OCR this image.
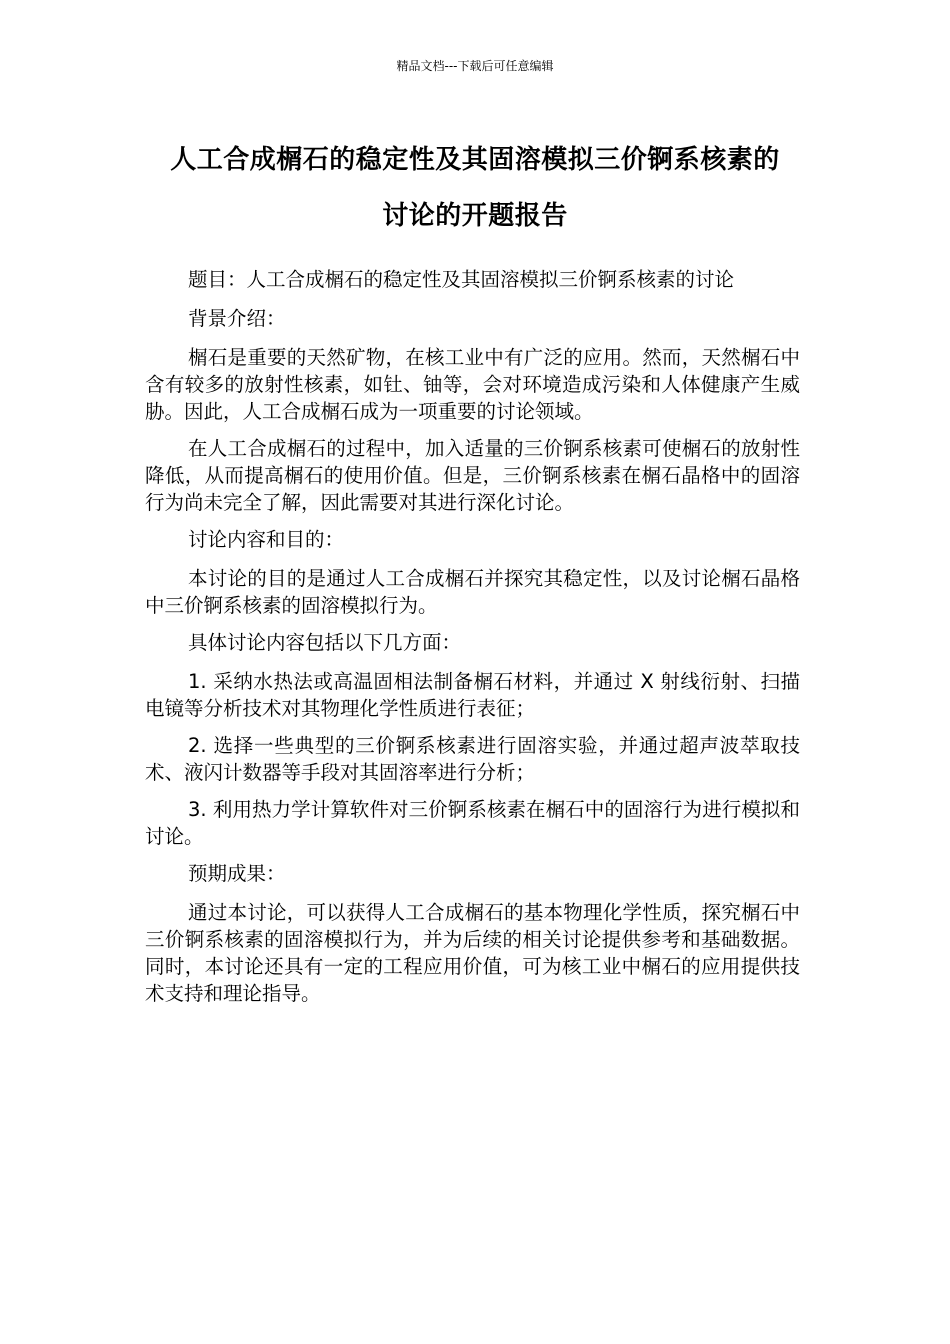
精品文档---下载后可任意编辑
人工合成榍石的稳定性及其固溶模拟三价锕系核素的
讨论的开题报告

题目：人工合成榍石的稳定性及其固溶模拟三价锕系核素的讨论

背景介绍：

榍石是重要的天然矿物，在核工业中有广泛的应用。然而，天然榍石中含有较多的放射性核素，如钍、铀等，会对环境造成污染和人体健康产生威胁。因此，人工合成榍石成为一项重要的讨论领域。

在人工合成榍石的过程中，加入适量的三价锕系核素可使榍石的放射性降低，从而提高榍石的使用价值。但是，三价锕系核素在榍石晶格中的固溶行为尚未完全了解，因此需要对其进行深化讨论。

讨论内容和目的：

本讨论的目的是通过人工合成榍石并探究其稳定性，以及讨论榍石晶格中三价锕系核素的固溶模拟行为。

具体讨论内容包括以下几方面：

1. 采纳水热法或高温固相法制备榍石材料，并通过 X 射线衍射、扫描电镜等分析技术对其物理化学性质进行表征；

2. 选择一些典型的三价锕系核素进行固溶实验，并通过超声波萃取技术、液闪计数器等手段对其固溶率进行分析；

3. 利用热力学计算软件对三价锕系核素在榍石中的固溶行为进行模拟和讨论。

预期成果：

通过本讨论，可以获得人工合成榍石的基本物理化学性质，探究榍石中三价锕系核素的固溶模拟行为，并为后续的相关讨论提供参考和基础数据。同时，本讨论还具有一定的工程应用价值，可为核工业中榍石的应用提供技术支持和理论指导。
